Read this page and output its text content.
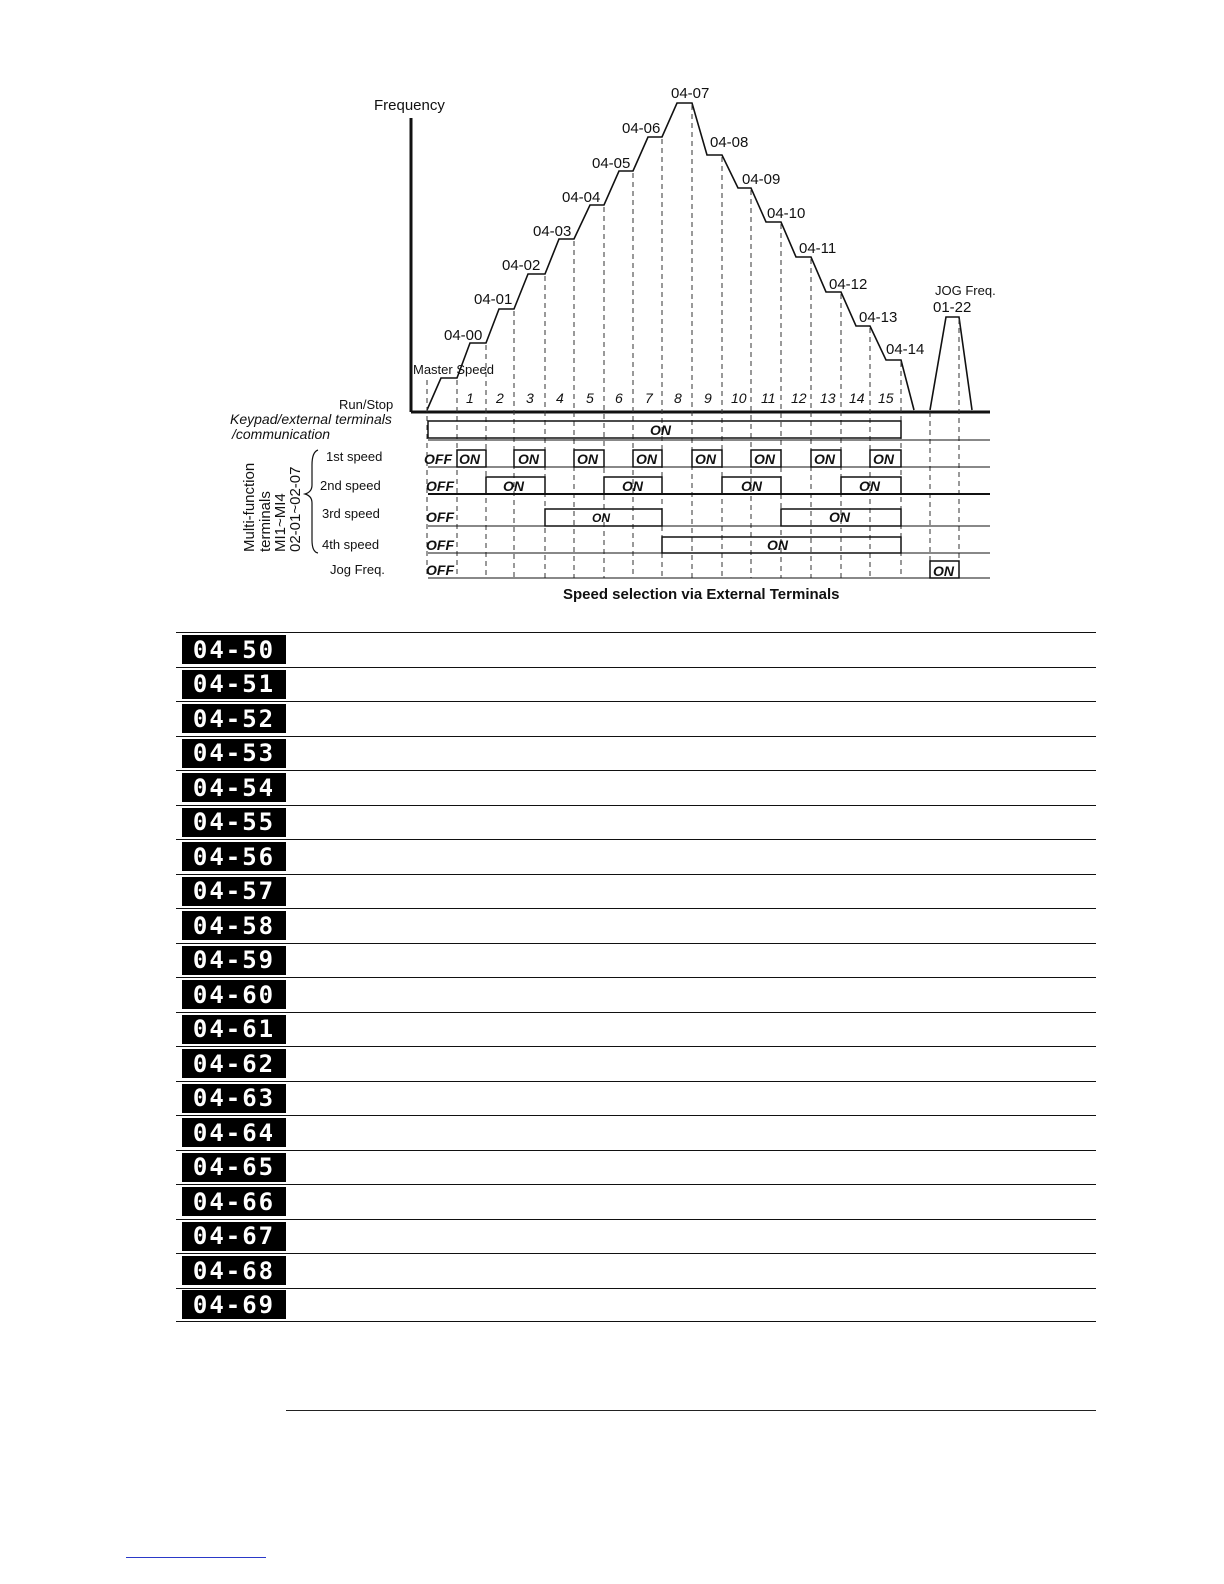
Frequency
04-00
04-01
04-02
04-03
04-04
04-05
04-06
04-07
04-08
04-09
04-10
04-11
04-12
04-13
04-14
Master Speed
JOG Freq.
01-22
Run/Stop	1 2 3 4 5 6 7 8 9 10 11 12 13 14 15
Keypad/external terminals
/communication	ON
Multi-function terminals
MI1~MI4
02-01~02-07
1st speed
2nd speed
3rd speed
4th speed
Jog Freq.
OFF
OFF
OFF
OFF
OFF
ON	ON	ON	ON	ON	ON	ON	ON
ON	ON	ON	ON
ON	ON
ON
ON
Speed selection via External Terminals
04-50
04-51
04-52
04-53
04-54
04-55
04-56
04-57
04-58
04-59
04-60
04-61
04-62
04-63
04-64
04-65
04-66
04-67
04-68
04-69
